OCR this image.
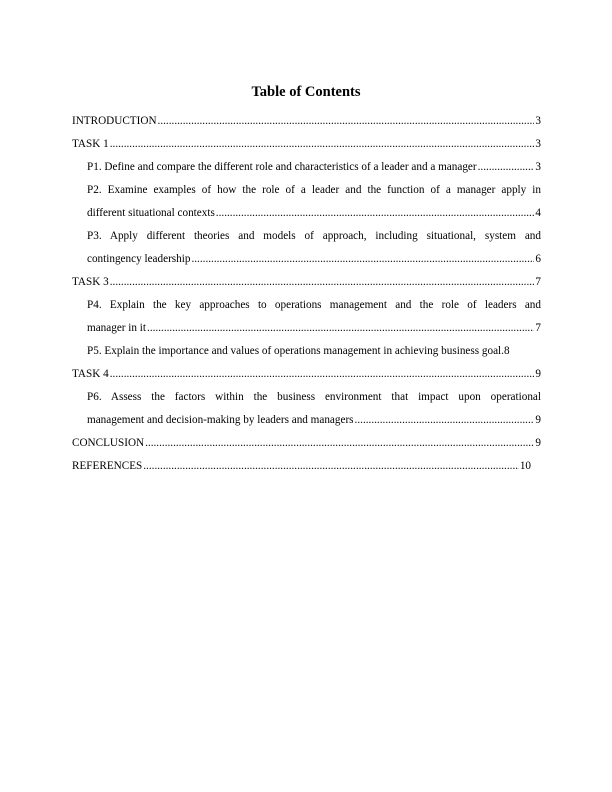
Table of Contents
INTRODUCTION .....	3
TASK 1 .....	3
P1. Define and compare the different role and characteristics of a leader and a manager .....	3
P2. Examine examples of how the role of a leader and the function of a manager apply in
different situational contexts .....	4
P3. Apply different theories and models of approach, including situational, system and
contingency leadership .....	6
TASK 3 .....	7
P4. Explain the key approaches to operations management and the role of leaders and
manager in it .....	7
P5. Explain the importance and values of operations management in achieving business goal. 8
TASK 4 .....	9
P6. Assess the factors within the business environment that impact upon operational
management and decision-making by leaders and managers .....	9
CONCLUSION .....	9
REFERENCES .....	10
